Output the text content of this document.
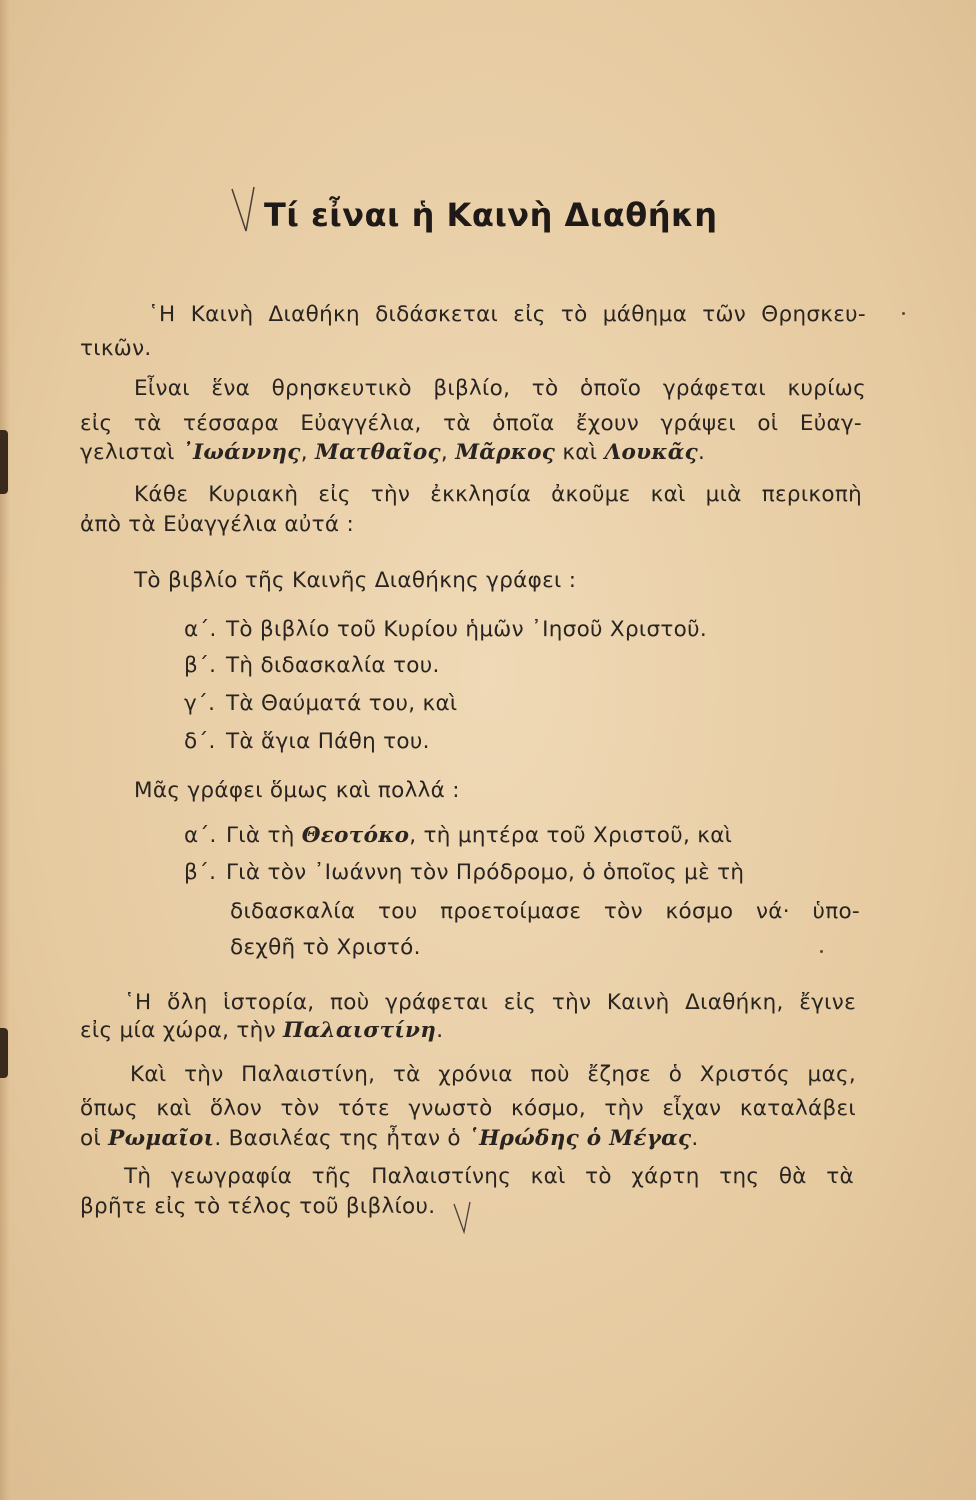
Τί εἶναι ἡ Καινὴ Διαθήκη
῾Η Καινὴ Διαθήκη διδάσκεται εἰς τὸ μάθημα τῶν Θρησκευ-
τικῶν.
Εἶναι ἕνα θρησκευτικὸ βιβλίο, τὸ ὁποῖο γράφεται κυρίως
εἰς τὰ τέσσαρα Εὐαγγέλια, τὰ ὁποῖα ἔχουν γράψει οἱ Εὐαγ-
γελισταὶ ᾿Ιωάννης, Ματθαῖος, Μᾶρκος καὶ Λουκᾶς.
Κάθε Κυριακὴ εἰς τὴν ἐκκλησία ἀκοῦμε καὶ μιὰ περικοπὴ
ἀπὸ τὰ Εὐαγγέλια αὐτά :
Τὸ βιβλίο τῆς Καινῆς Διαθήκης γράφει :
α΄. Τὸ βιβλίο τοῦ Κυρίου ἡμῶν ᾿Ιησοῦ Χριστοῦ.
β΄. Τὴ διδασκαλία του.
γ΄. Τὰ Θαύματά του, καὶ
δ΄. Τὰ ἅγια Πάθη του.
Μᾶς γράφει ὅμως καὶ πολλά :
α΄. Γιὰ τὴ Θεοτόκο, τὴ μητέρα τοῦ Χριστοῦ, καὶ
β΄. Γιὰ τὸν ᾿Ιωάννη τὸν Πρόδρομο, ὁ ὁποῖος μὲ τὴ
διδασκαλία του προετοίμασε τὸν κόσμο νά· ὑπο-
δεχθῆ τὸ Χριστό.
῾Η ὅλη ἱστορία, ποὺ γράφεται εἰς τὴν Καινὴ Διαθήκη, ἔγινε
εἰς μία χώρα, τὴν Παλαιστίνη.
Καὶ τὴν Παλαιστίνη, τὰ χρόνια ποὺ ἔζησε ὁ Χριστός μας,
ὅπως καὶ ὅλον τὸν τότε γνωστὸ κόσμο, τὴν εἶχαν καταλάβει
οἱ Ρωμαῖοι. Βασιλέας της ἦταν ὁ ῾Ηρώδης ὁ Μέγας.
Τὴ γεωγραφία τῆς Παλαιστίνης καὶ τὸ χάρτη της θὰ τὰ
βρῆτε εἰς τὸ τέλος τοῦ βιβλίου.
